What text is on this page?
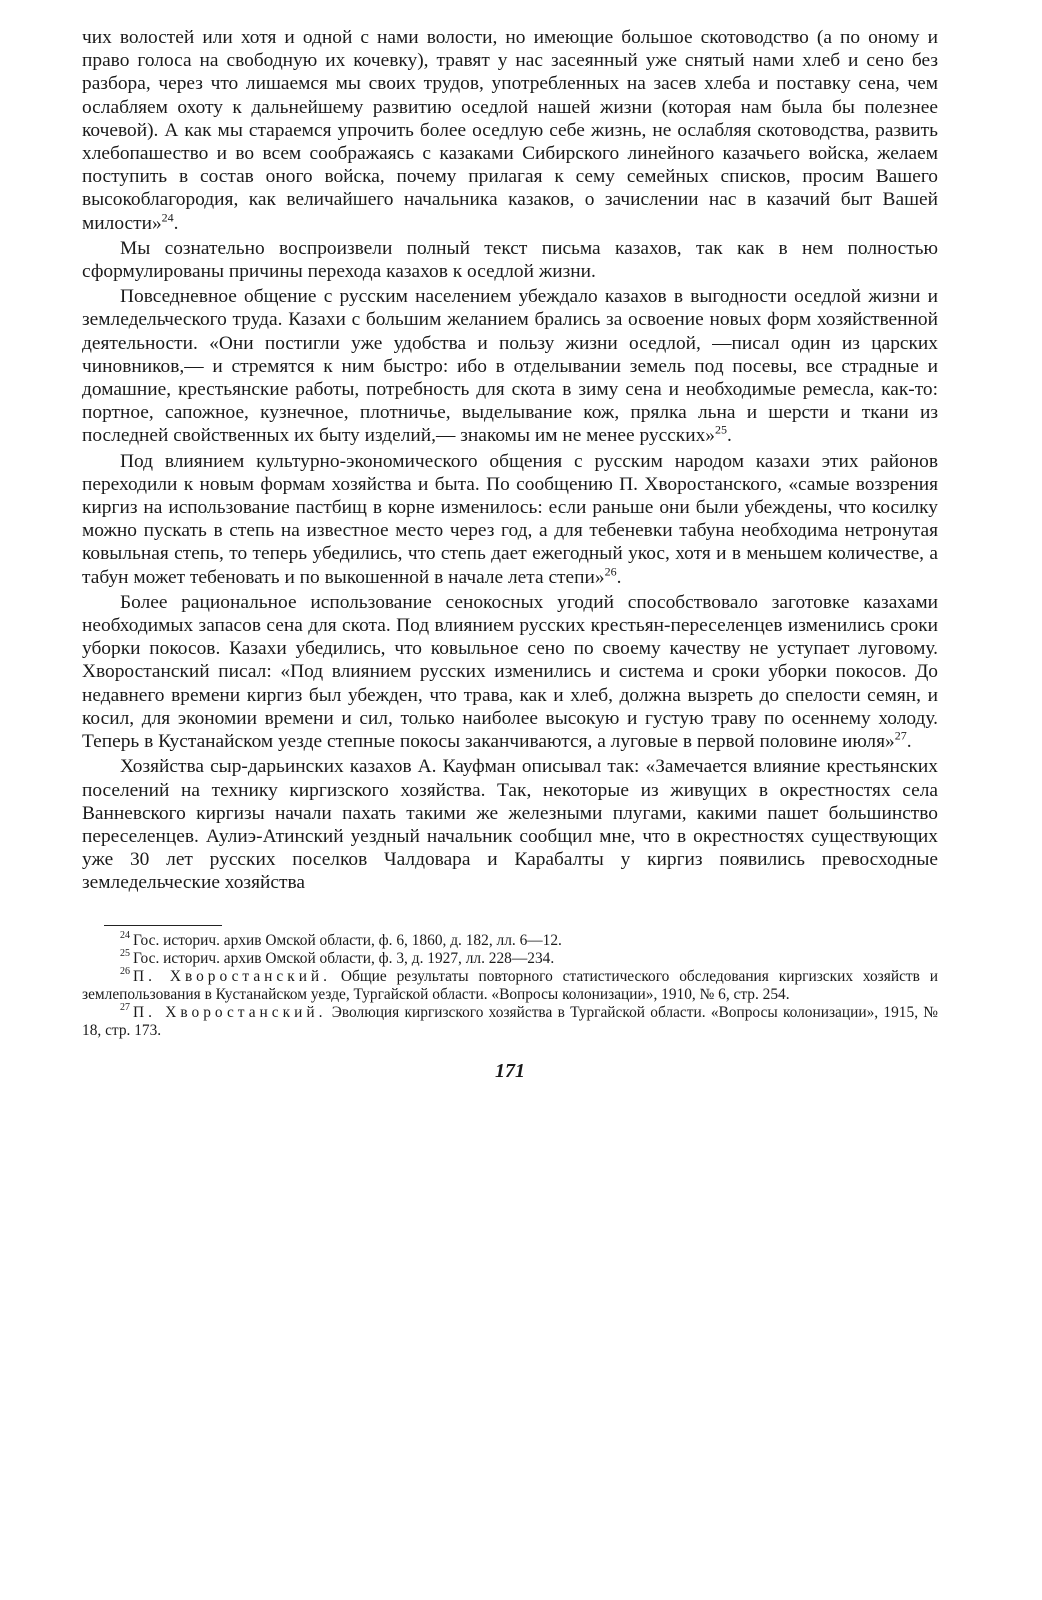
чих волостей или хотя и одной с нами волости, но имеющие большое скотоводство (а по оному и право голоса на свободную их кочевку), травят у нас засеянный уже снятый нами хлеб и сено без разбора, через что лишаемся мы своих трудов, употребленных на засев хлеба и поставку сена, чем ослабляем охоту к дальнейшему развитию оседлой нашей жизни (которая нам была бы полезнее кочевой). А как мы стараемся упрочить более оседлую себе жизнь, не ослабляя скотоводства, развить хлебопашество и во всем соображаясь с казаками Сибирского линейного казачьего войска, желаем поступить в состав оного войска, почему прилагая к сему семейных списков, просим Вашего высокоблагородия, как величайшего начальника казаков, о зачислении нас в казачий быт Вашей милости»$^{24}$.

Мы сознательно воспроизвели полный текст письма казахов, так как в нем полностью сформулированы причины перехода казахов к оседлой жизни.

Повседневное общение с русским населением убеждало казахов в выгодности оседлой жизни и земледельческого труда. Казахи с большим желанием брались за освоение новых форм хозяйственной деятельности. «Они постигли уже удобства и пользу жизни оседлой, —писал один из царских чиновников,— и стремятся к ним быстро: ибо в отделывании земель под посевы, все страдные и домашние, крестьянские работы, потребность для скота в зиму сена и необходимые ремесла, как-то: портное, сапожное, кузнечное, плотничье, выделывание кож, прялка льна и шерсти и ткани из последней свойственных их быту изделий,— знакомы им не менее русских»$^{25}$.

Под влиянием культурно-экономического общения с русским народом казахи этих районов переходили к новым формам хозяйства и быта. По сообщению П. Хворостанского, «самые воззрения киргиз на использование пастбищ в корне изменилось: если раньше они были убеждены, что косилку можно пускать в степь на известное место через год, а для тебеневки табуна необходима нетронутая ковыльная степь, то теперь убедились, что степь дает ежегодный укос, хотя и в меньшем количестве, а табун может тебеновать и по выкошенной в начале лета степи»$^{26}$.

Более рациональное использование сенокосных угодий способствовало заготовке казахами необходимых запасов сена для скота. Под влиянием русских крестьян-переселенцев изменились сроки уборки покосов. Казахи убедились, что ковыльное сено по своему качеству не уступает луговому. Хворостанский писал: «Под влиянием русских изменились и система и сроки уборки покосов. До недавнего времени киргиз был убежден, что трава, как и хлеб, должна вызреть до спелости семян, и косил, для экономии времени и сил, только наиболее высокую и густую траву по осеннему холоду. Теперь в Кустанайском уезде степные покосы заканчиваются, а луговые в первой половине июля»$^{27}$.

Хозяйства сыр-дарьинских казахов А. Кауфман описывал так: «Замечается влияние крестьянских поселений на технику киргизского хозяйства. Так, некоторые из живущих в окрестностях села Ванневского киргизы начали пахать такими же железными плугами, какими пашет большинство переселенцев. Аулиэ-Атинский уездный начальник сообщил мне, что в окрестностях существующих уже 30 лет русских поселков Чалдовара и Карабалты у киргиз появились превосходные земледельческие хозяйства

$^{24}$ Гос. историч. архив Омской области, ф. 6, 1860, д. 182, лл. 6—12.

$^{25}$ Гос. историч. архив Омской области, ф. 3, д. 1927, лл. 228—234.

$^{26}$ П. Хворостанский. Общие результаты повторного статистического обследования киргизских хозяйств и землепользования в Кустанайском уезде, Тургайской области. «Вопросы колонизации», 1910, № 6, стр. 254.

$^{27}$ П. Хворостанский. Эволюция киргизского хозяйства в Тургайской области. «Вопросы колонизации», 1915, № 18, стр. 173.

171
